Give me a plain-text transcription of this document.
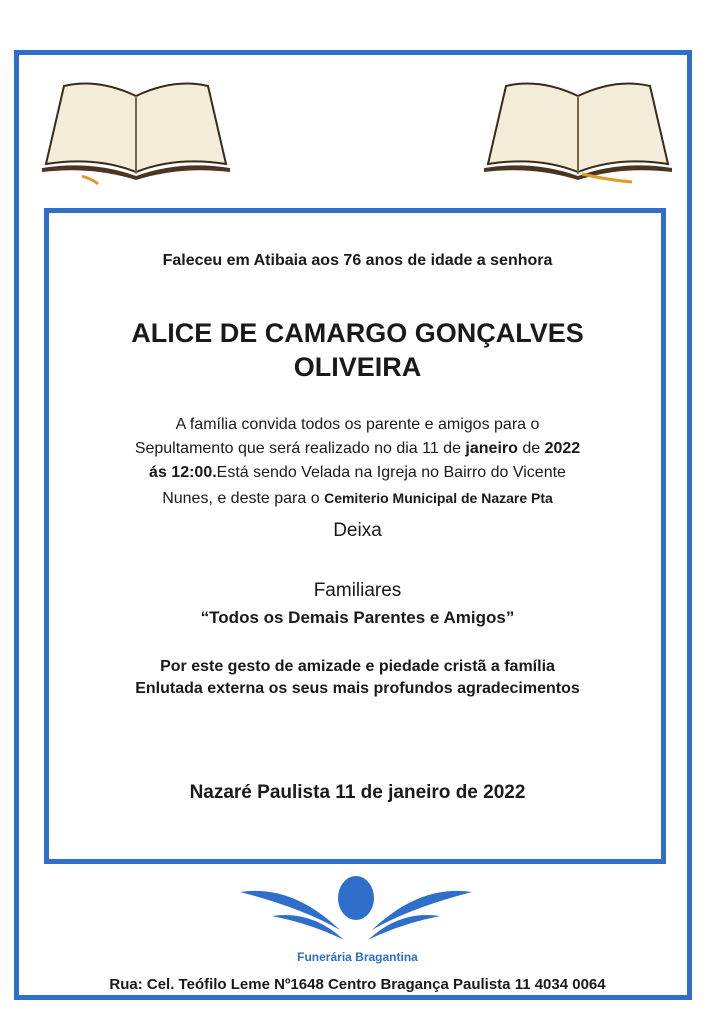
Faleceu em Atibaia aos 76 anos de idade a senhora
ALICE DE CAMARGO GONÇALVES
OLIVEIRA
A família convida todos os parente e amigos para o
Sepultamento que será realizado no dia 11 de janeiro de 2022
ás 12:00.Está sendo Velada na Igreja no Bairro do Vicente
Nunes, e deste para o Cemiterio Municipal de Nazare Pta
Deixa
Familiares
“Todos os Demais Parentes e Amigos”
Por este gesto de amizade e piedade cristã a família
Enlutada externa os seus mais profundos agradecimentos
Nazaré Paulista 11 de janeiro de 2022
Funerária Bragantina
Rua: Cel. Teófilo Leme Nº1648 Centro Bragança Paulista 11 4034 0064
